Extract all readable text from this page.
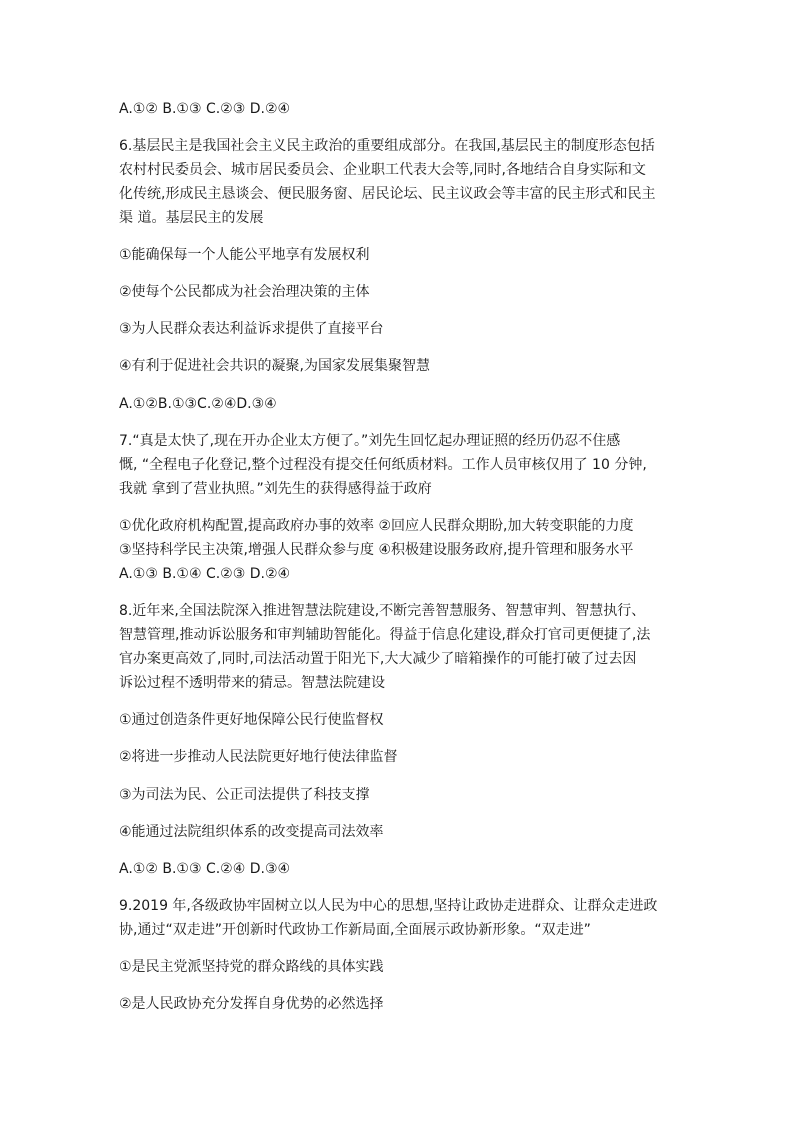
A.①② B.①③ C.②③ D.②④
6.基层民主是我国社会主义民主政治的重要组成部分。在我国,基层民主的制度形态包括
农村村民委员会、城市居民委员会、企业职工代表大会等,同时,各地结合自身实际和文
化传统,形成民主恳谈会、便民服务窗、居民论坛、民主议政会等丰富的民主形式和民主
渠 道。基层民主的发展
①能确保每一个人能公平地享有发展权利
②使每个公民都成为社会治理决策的主体
③为人民群众表达利益诉求提供了直接平台
④有利于促进社会共识的凝聚,为国家发展集聚智慧
A.①②B.①③C.②④D.③④
7.“真是太快了,现在开办企业太方便了。”刘先生回忆起办理证照的经历仍忍不住感
慨, “全程电子化登记,整个过程没有提交任何纸质材料。工作人员审核仅用了 10 分钟,
我就 拿到了营业执照。”刘先生的获得感得益于政府
①优化政府机构配置,提高政府办事的效率 ②回应人民群众期盼,加大转变职能的力度
③坚持科学民主决策,增强人民群众参与度 ④积极建设服务政府,提升管理和服务水平
A.①③ B.①④ C.②③ D.②④
8.近年来,全国法院深入推进智慧法院建设,不断完善智慧服务、智慧审判、智慧执行、
智慧管理,推动诉讼服务和审判辅助智能化。得益于信息化建设,群众打官司更便捷了,法
官办案更高效了,同时,司法活动置于阳光下,大大减少了暗箱操作的可能打破了过去因
诉讼过程不透明带来的猜忌。智慧法院建设
①通过创造条件更好地保障公民行使监督权
②将进一步推动人民法院更好地行使法律监督
③为司法为民、公正司法提供了科技支撑
④能通过法院组织体系的改变提高司法效率
A.①② B.①③ C.②④ D.③④
9.2019 年,各级政协牢固树立以人民为中心的思想,坚持让政协走进群众、让群众走进政
协,通过“双走进”开创新时代政协工作新局面,全面展示政协新形象。“双走进”
①是民主党派坚持党的群众路线的具体实践
②是人民政协充分发挥自身优势的必然选择
